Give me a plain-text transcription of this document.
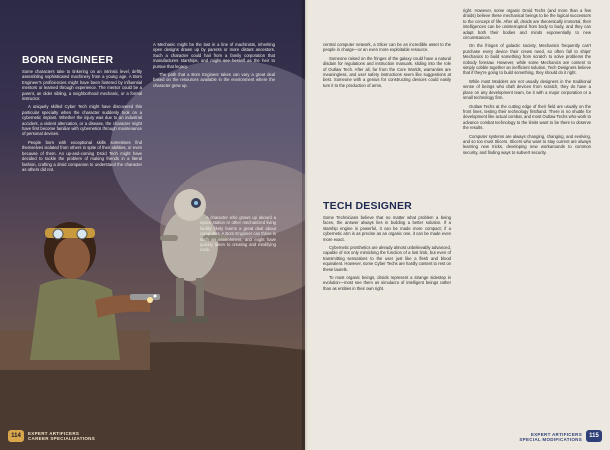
BORN ENGINEER

Some characters take to tinkering on an intrinsic level, deftly assembling sophisticated machinery from a young age. A Born Engineer's proficiencies might have been fostered by influential mentors or learned through experience. The mentor could be a parent, an older sibling, a neighborhood mechanic, or a formal instructor.

A uniquely skilled Cyber Tech might have discovered this particular specialty when the character suddenly took on a cybernetic implant. Whether the injury was due to an industrial accident, a violent altercation, or a disease, the character might have first become familiar with cybernetics through maintenance of personal devices.

People born with exceptional skills sometimes find themselves isolated from others in spite of their abilities, or even because of them. An up-and-coming Droid Tech might have decided to tackle the problem of making friends in a literal fashion, crafting a droid companion to understand the character as others did not.

A Mechanic might be the last in a line of machinists, inheriting open designs drawn up by parents or more distant ancestors. Such a character could hail from a family corporation that manufactures starships, and might see herself as the heir to pursue that legacy.

The path that a Born Engineer takes can vary a great deal based on the resources available in the environment where the character grew up.

A character who grows up aboard a space station or other mechanized living facility likely learns a great deal about computers. A Born Engineer can thrive in such an environment, and might have quickly taken to creating and modifying code.

114	EXPERT ARTIFICERS
CAREER SPECIALIZATIONS

central computer network, a Slicer can be an incredible asset to the people in charge—or an even more exploitable resource.

Someone raised on the fringes of the galaxy could have a natural disdain for regulations and instruction manuals, sliding into the role of Outlaw Tech. After all, far from the Core Worlds, warranties are meaningless, and user safety instructions seem like suggestions at best. Someone with a genius for constructing devices could easily turn it to the production of arms.

TECH DESIGNER

Some Technicians believe that no matter what problem a being faces, the answer always lies in building a better solution. If a starship engine is powerful, it can be made more compact; if a cybernetic arm is as precise as an organic one, it can be made even more exact.

Cybernetic prosthetics are already almost unbelievably advanced, capable of not only mimicking the function of a lost limb, but even of transmitting sensations to the user just like a flesh and blood equivalent. However, some Cyber Techs are hardly content to rest on these laurels.

To most organic beings, droids represent a strange sidestep in evolution—most see them as simulacra of intelligent beings rather than as entities in their own right.

right. However, some organic Droid Techs (and more than a few droids) believe these mechanical beings to be the logical successors to the concept of life. After all, droids are theoretically immortal, their intelligences can be uninterrupted from body to body, and they can adapt both their bodies and minds exponentially to new circumstances.

On the fringes of galactic society, Mechanics frequently can't purchase every device their crews need, so often fall to ships' Mechanics to build something from scratch to solve problems the nobody foresaw. However, while some Mechanics are content to simply cobble together an inefficient solution, Tech Designers believe that if they're going to build something, they should do it right.

While most Modders are not usually designers in the traditional sense of beings who draft devices from scratch, they do have a place on any development team, be it with a major corporation or a small technology firm.

Outlaw Techs at the cutting edge of their field are usually on the front lines, testing their technology firsthand. There is no shuttle for development like actual combat, and most Outlaw Techs who work to advance combat technology to the limits want to be there to observe the results.

Computer systems are always changing, changing, and evolving, and so too must Slicers. Slicers who want to stay current are always learning new tricks, developing new workarounds to common security, and finding ways to subvert security.

EXPERT ARTIFICERS
SPECIAL MODIFICATIONS
115
